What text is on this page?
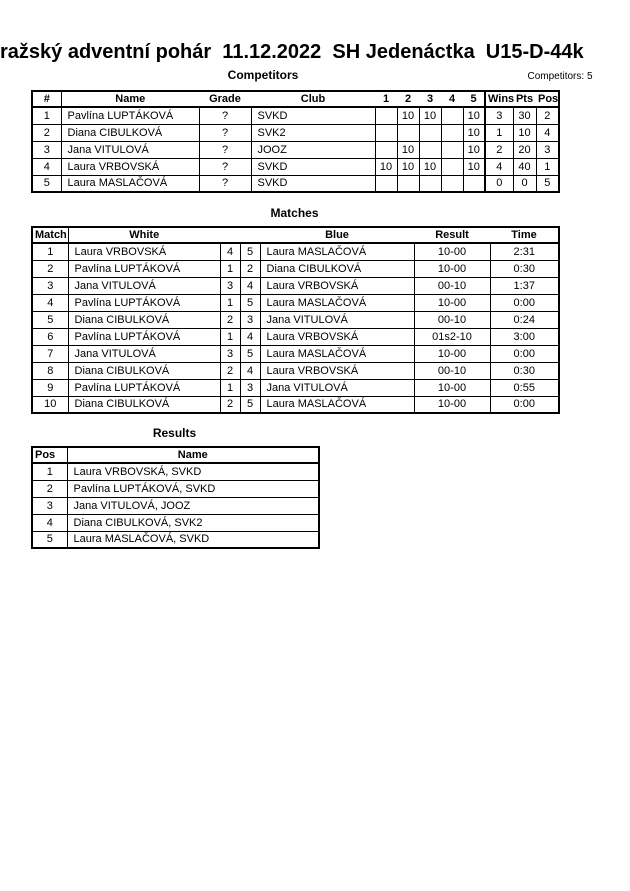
ražský adventní pohár  11.12.2022  SH Jedenáctka  U15-D-44k
Competitors	Competitors: 5
#	Name	Grade	Club	1	2	3	4	5	Wins	Pts	Pos
1	Pavlína LUPTÁKOVÁ	?	SVKD		10	10		10	3	30	2
2	Diana CIBULKOVÁ	?	SVK2					10	1	10	4
3	Jana VITULOVÁ	?	JOOZ		10			10	2	20	3
4	Laura VRBOVSKÁ	?	SVKD	10	10	10		10	4	40	1
5	Laura MASLAČOVÁ	?	SVKD						0	0	5
Matches
Match	White			Blue	Result	Time
1	Laura VRBOVSKÁ	4	5	Laura MASLAČOVÁ	10-00	2:31
2	Pavlína LUPTÁKOVÁ	1	2	Diana CIBULKOVÁ	10-00	0:30
3	Jana VITULOVÁ	3	4	Laura VRBOVSKÁ	00-10	1:37
4	Pavlína LUPTÁKOVÁ	1	5	Laura MASLAČOVÁ	10-00	0:00
5	Diana CIBULKOVÁ	2	3	Jana VITULOVÁ	00-10	0:24
6	Pavlína LUPTÁKOVÁ	1	4	Laura VRBOVSKÁ	01s2-10	3:00
7	Jana VITULOVÁ	3	5	Laura MASLAČOVÁ	10-00	0:00
8	Diana CIBULKOVÁ	2	4	Laura VRBOVSKÁ	00-10	0:30
9	Pavlína LUPTÁKOVÁ	1	3	Jana VITULOVÁ	10-00	0:55
10	Diana CIBULKOVÁ	2	5	Laura MASLAČOVÁ	10-00	0:00
Results
Pos	Name
1	Laura VRBOVSKÁ, SVKD
2	Pavlína LUPTÁKOVÁ, SVKD
3	Jana VITULOVÁ, JOOZ
4	Diana CIBULKOVÁ, SVK2
5	Laura MASLAČOVÁ, SVKD
